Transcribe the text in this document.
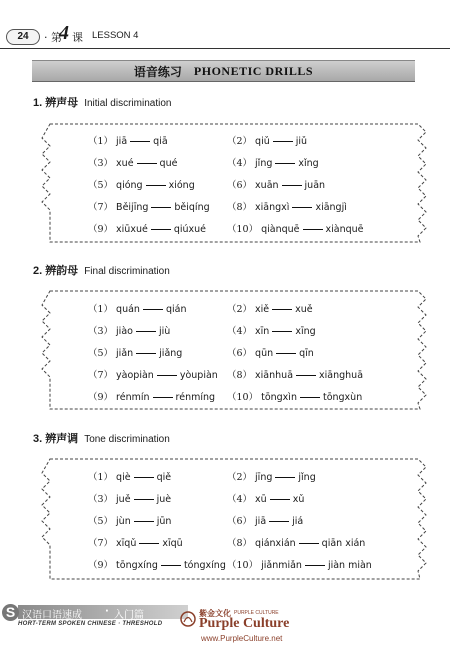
24	· 第
4 课 LESSON 4
语音练习 PHONETIC DRILLS
1. 辨声母 Initial discrimination
（1） jiā	qiā	（2） qiǔ	jiǔ
（3） xué	qué	（4） jǐng	xǐng
（5） qióng	xióng	（6） xuān	juān
（7） Běijīng	běiqíng （8） xiāngxì	xiāngjì
（9） xiūxué	qiúxué （10） qiànquē	xiànquē
2. 辨韵母 Final discrimination
（1） quán	qián	（2） xiě	xuě
（3） jiào	jiù	（4） xīn	xīng
（5） jiǎn	jiǎng	（6） qūn	qīn
（7） yàopiàn	yòupiàn （8） xiānhuā	xiānghuā
（9） rénmín	rénmíng （10） tōngxìn	tōngxùn
3. 辨声调 Tone discrimination
（1） qiè	qiě	（2） jīng	jǐng
（3） juě	juè	（4） xū	xǔ
（5） jùn	jūn	（6） jiā	jiá
（7） xīqǔ	xīqū	（8） qiánxián	qiān xián
（9） tōngxíng	tóngxíng （10） jiǎnmiǎn	jiàn miàn
S 汉语口语速成 · 入门篇
HORT-TERM SPOKEN CHINESE · THRESHOLD
紫金文化 PURPLE CULTURE
Purple Culture
www.PurpleCulture.net
